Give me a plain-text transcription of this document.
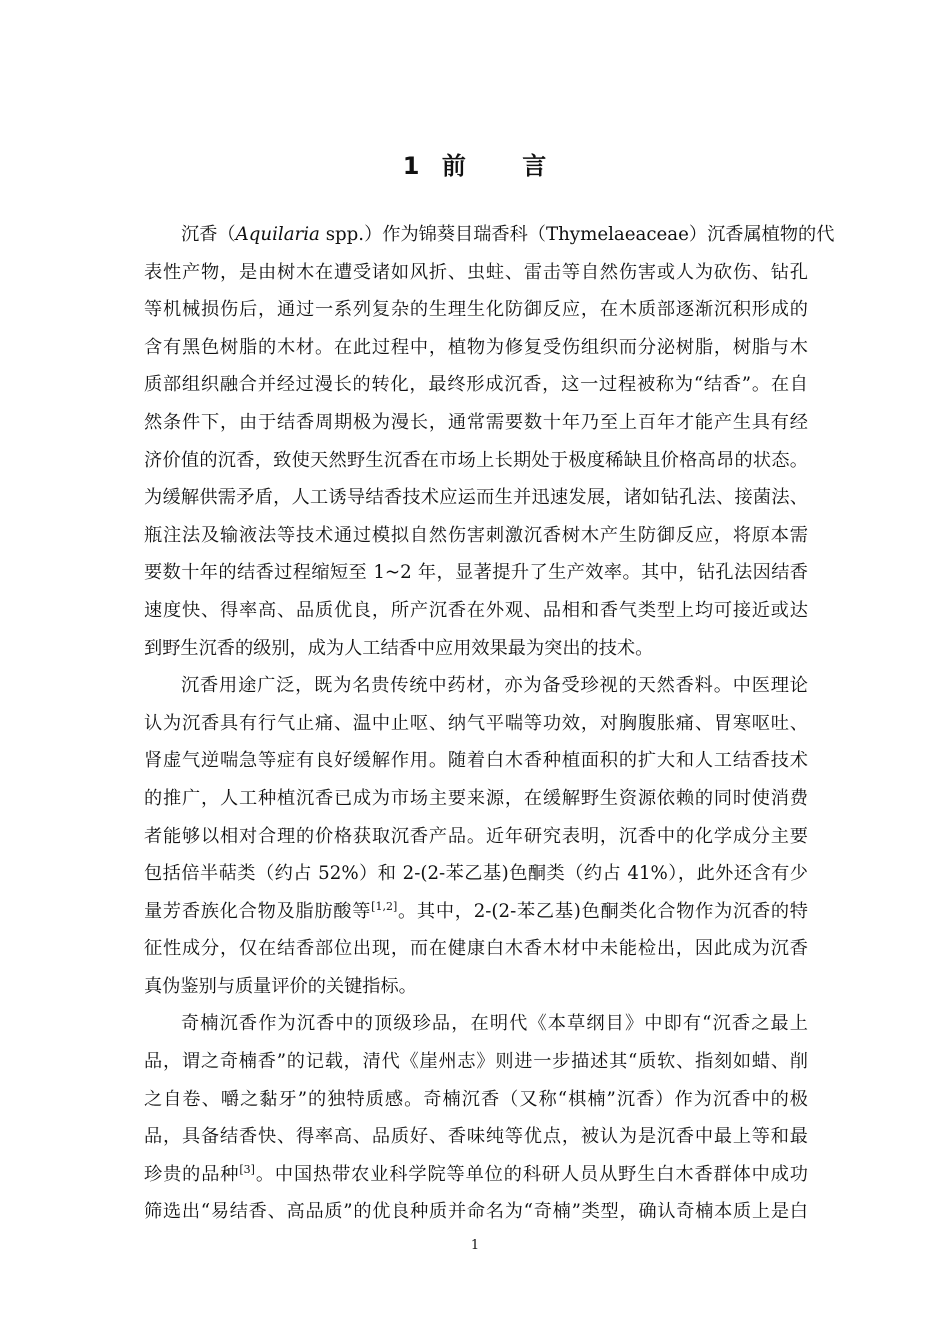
1 前 言
沉香（Aquilaria spp.）作为锦葵目瑞香科（Thymelaeaceae）沉香属植物的代
表性产物，是由树木在遭受诸如风折、虫蛀、雷击等自然伤害或人为砍伤、钻孔
等机械损伤后，通过一系列复杂的生理生化防御反应，在木质部逐渐沉积形成的
含有黑色树脂的木材。在此过程中，植物为修复受伤组织而分泌树脂，树脂与木
质部组织融合并经过漫长的转化，最终形成沉香，这一过程被称为“结香”。在自
然条件下，由于结香周期极为漫长，通常需要数十年乃至上百年才能产生具有经
济价值的沉香，致使天然野生沉香在市场上长期处于极度稀缺且价格高昂的状态。
为缓解供需矛盾，人工诱导结香技术应运而生并迅速发展，诸如钻孔法、接菌法、
瓶注法及输液法等技术通过模拟自然伤害刺激沉香树木产生防御反应，将原本需
要数十年的结香过程缩短至 1~2 年，显著提升了生产效率。其中，钻孔法因结香
速度快、得率高、品质优良，所产沉香在外观、品相和香气类型上均可接近或达
到野生沉香的级别，成为人工结香中应用效果最为突出的技术。
沉香用途广泛，既为名贵传统中药材，亦为备受珍视的天然香料。中医理论
认为沉香具有行气止痛、温中止呕、纳气平喘等功效，对胸腹胀痛、胃寒呕吐、
肾虚气逆喘急等症有良好缓解作用。随着白木香种植面积的扩大和人工结香技术
的推广，人工种植沉香已成为市场主要来源，在缓解野生资源依赖的同时使消费
者能够以相对合理的价格获取沉香产品。近年研究表明，沉香中的化学成分主要
包括倍半萜类（约占 52%）和 2-(2-苯乙基)色酮类（约占 41%），此外还含有少
量芳香族化合物及脂肪酸等[1,2]。其中，2-(2-苯乙基)色酮类化合物作为沉香的特
征性成分，仅在结香部位出现，而在健康白木香木材中未能检出，因此成为沉香
真伪鉴别与质量评价的关键指标。
奇楠沉香作为沉香中的顶级珍品，在明代《本草纲目》中即有“沉香之最上
品，谓之奇楠香”的记载，清代《崖州志》则进一步描述其“质软、指刻如蜡、削
之自卷、嚼之黏牙”的独特质感。奇楠沉香（又称“棋楠”沉香）作为沉香中的极
品，具备结香快、得率高、品质好、香味纯等优点，被认为是沉香中最上等和最
珍贵的品种[3]。中国热带农业科学院等单位的科研人员从野生白木香群体中成功
筛选出“易结香、高品质”的优良种质并命名为“奇楠”类型，确认奇楠本质上是白
1
